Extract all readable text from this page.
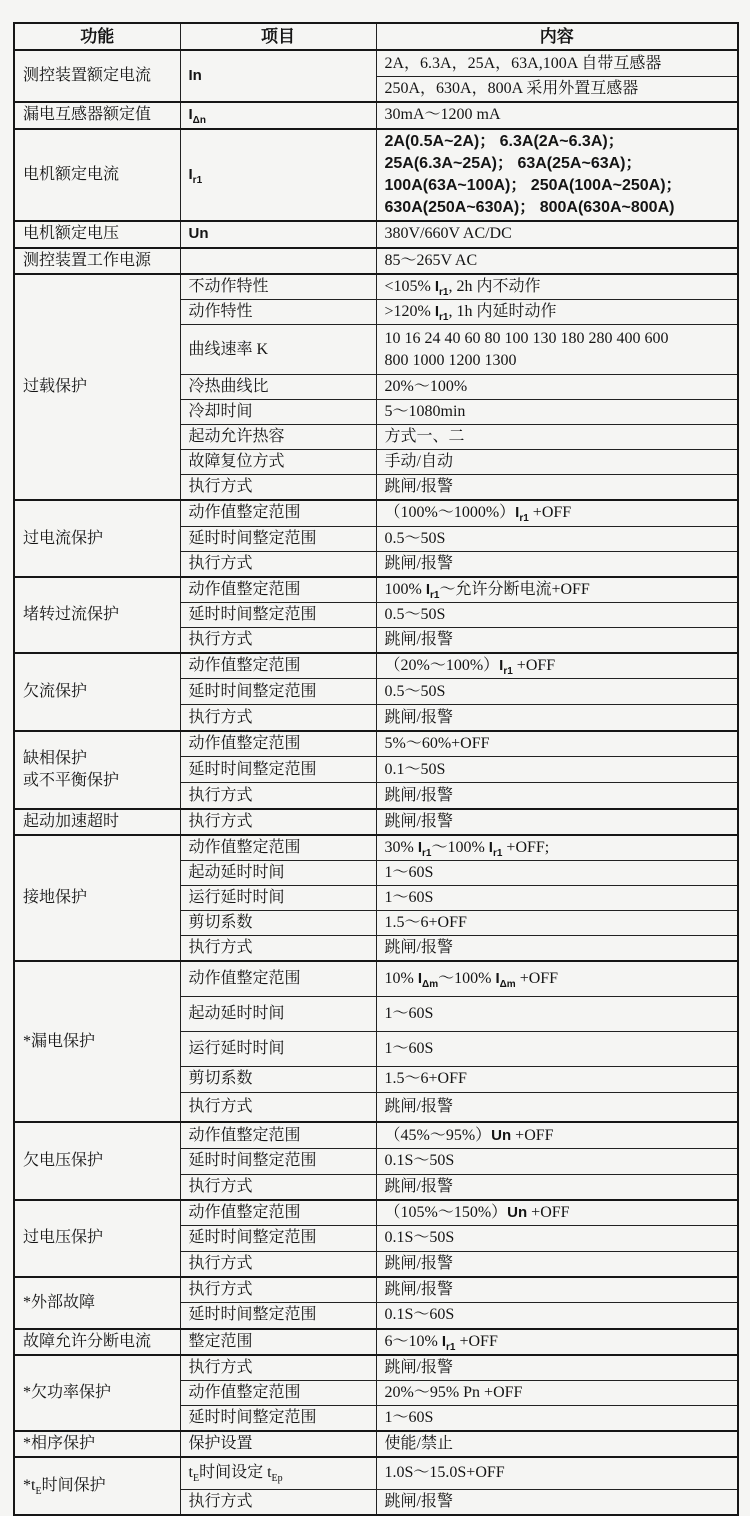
功能	项目	内容
测控装置额定电流	In	2A，6.3A，25A，63A,100A 自带互感器
		250A，630A，800A 采用外置互感器
漏电互感器额定值	$I_{\Delta n}$	30mA～1200 mA
电机额定电流	$I_{r1}$	2A(0.5A~2A)； 6.3A(2A~6.3A)；
25A(6.3A~25A)； 63A(25A~63A)；
100A(63A~100A)； 250A(100A~250A)；
630A(250A~630A)； 800A(630A~800A)
电机额定电压	Un	380V/660V AC/DC
测控装置工作电源		85～265V AC
过载保护	不动作特性	<105% $I_{r1}$, 2h 内不动作
	动作特性	>120% $I_{r1}$, 1h 内延时动作
	曲线速率 K	10 16 24 40 60 80 100 130 180 280 400 600
800 1000 1200 1300
	冷热曲线比	20%～100%
	冷却时间	5～1080min
	起动允许热容	方式一、二
	故障复位方式	手动/自动
	执行方式	跳闸/报警
过电流保护	动作值整定范围	$(100\%\sim 1000\%)I_{r1} +OFF$
	延时时间整定范围	0.5～50S
	执行方式	跳闸/报警
堵转过流保护	动作值整定范围	100% $I_{r1}\sim$允许分断电流+OFF
	延时时间整定范围	0.5～50S
	执行方式	跳闸/报警
欠流保护	动作值整定范围	$(20\%\sim 100\%)I_{r1} +OFF$
	延时时间整定范围	0.5～50S
	执行方式	跳闸/报警
缺相保护
或不平衡保护	动作值整定范围	5%～60%+OFF
	延时时间整定范围	0.1～50S
	执行方式	跳闸/报警
起动加速超时	执行方式	跳闸/报警
接地保护	动作值整定范围	30% $I_{r1}\sim 100\%$ $I_{r1} +OFF$;
	起动延时时间	1～60S
	运行延时时间	1～60S
	剪切系数	1.5～6+OFF
	执行方式	跳闸/报警
*漏电保护	动作值整定范围	10% $I_{\Delta m}\sim 100\%$ $I_{\Delta m} +OFF$
	起动延时时间	1～60S
	运行延时时间	1～60S
	剪切系数	1.5～6+OFF
	执行方式	跳闸/报警
欠电压保护	动作值整定范围	（45%～95%）Un +OFF
	延时时间整定范围	0.1S～50S
	执行方式	跳闸/报警
过电压保护	动作值整定范围	（105%～150%）Un +OFF
	延时时间整定范围	0.1S～50S
	执行方式	跳闸/报警
*外部故障	执行方式	跳闸/报警
	延时时间整定范围	0.1S～60S
故障允许分断电流	整定范围	6～10% $I_{r1} +OFF$
*欠功率保护	执行方式	跳闸/报警
	动作值整定范围	20%～95% Pn +OFF
	延时时间整定范围	1～60S
*相序保护	保护设置	使能/禁止
$*t_E$时间保护	$t_E$时间设定 $t_{Ep}$	1.0S～15.0S+OFF
	执行方式	跳闸/报警
